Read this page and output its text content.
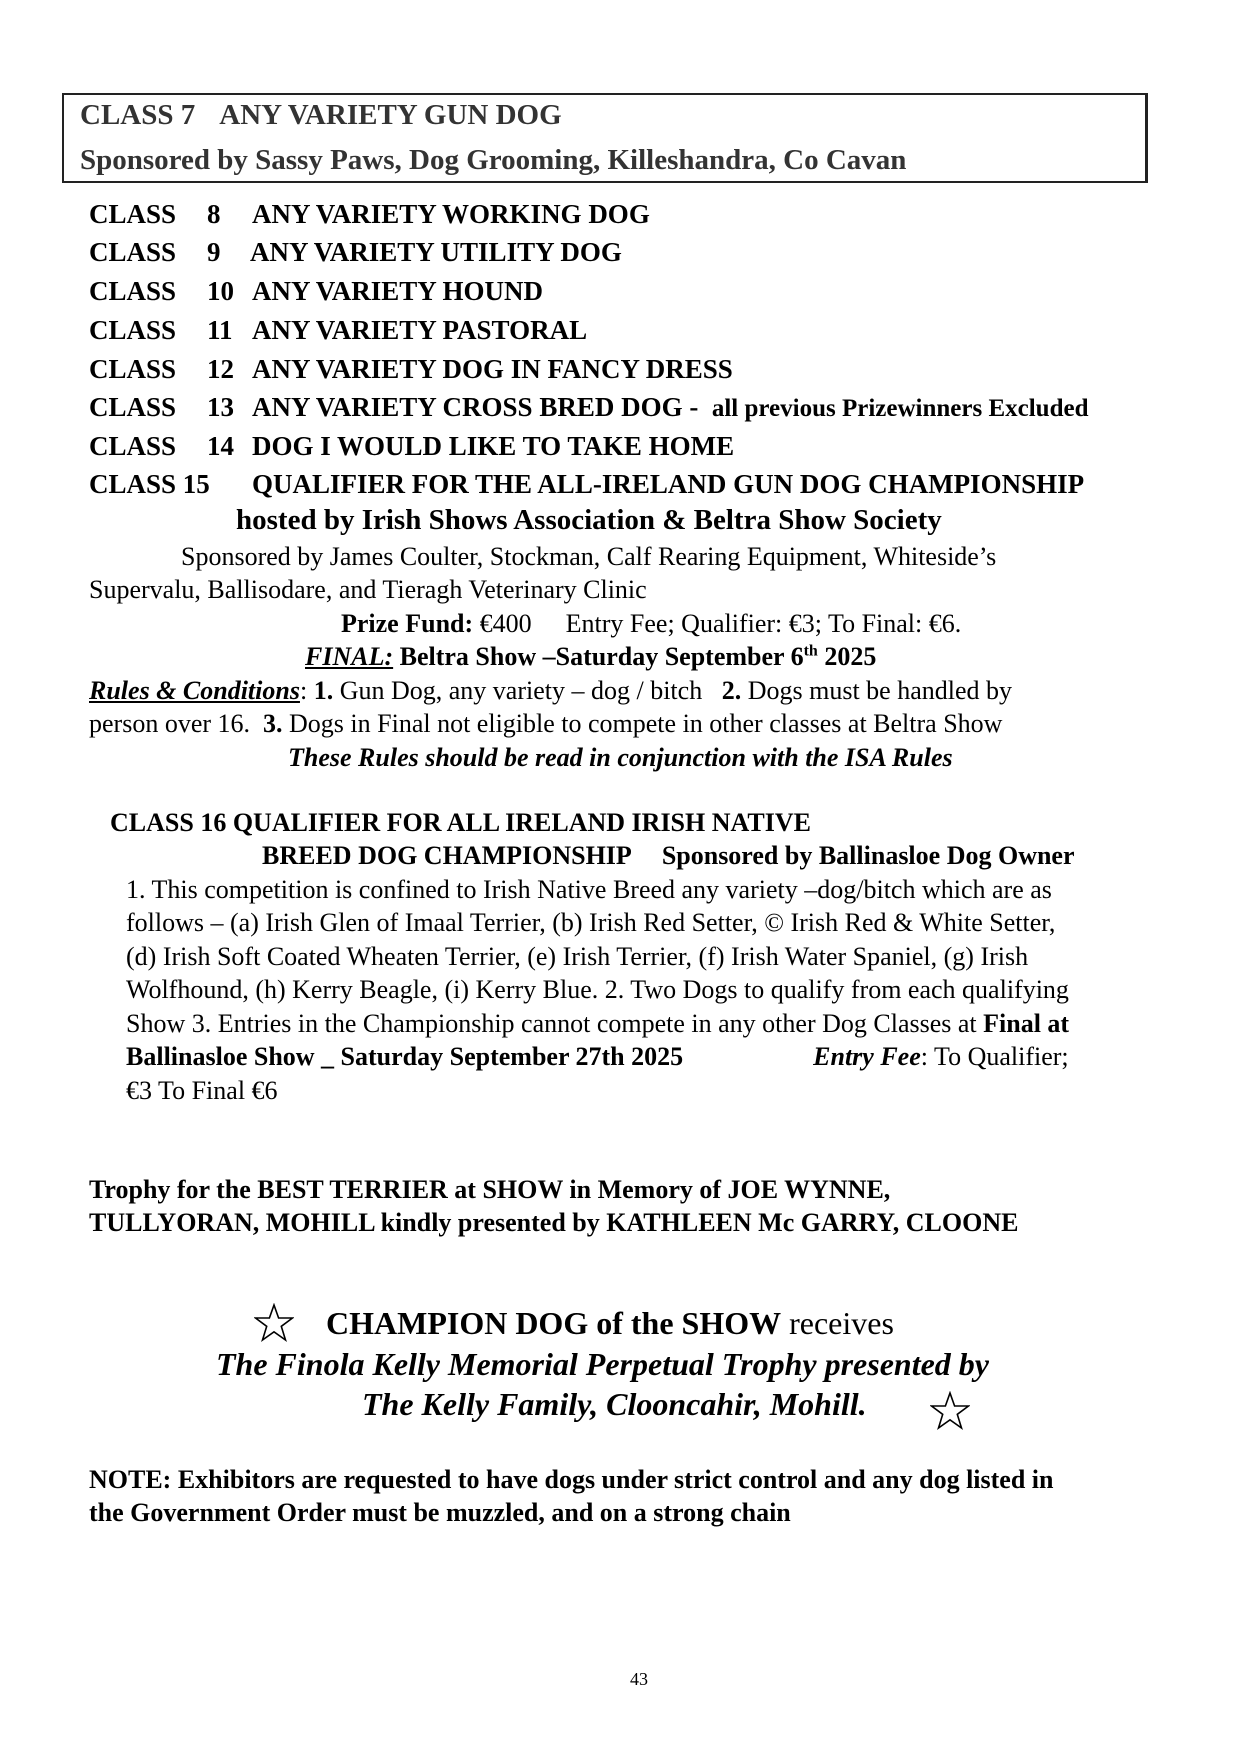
CLASS 7 ANY VARIETY GUN DOG
Sponsored by Sassy Paws, Dog Grooming, Killeshandra, Co Cavan
CLASS 8 ANY VARIETY WORKING DOG
CLASS 9 ANY VARIETY UTILITY DOG
CLASS 10 ANY VARIETY HOUND
CLASS 11 ANY VARIETY PASTORAL
CLASS 12 ANY VARIETY DOG IN FANCY DRESS
CLASS 13 ANY VARIETY CROSS BRED DOG - all previous Prizewinners Excluded
CLASS 14 DOG I WOULD LIKE TO TAKE HOME
CLASS 15 QUALIFIER FOR THE ALL-IRELAND GUN DOG CHAMPIONSHIP
hosted by Irish Shows Association & Beltra Show Society
Sponsored by James Coulter, Stockman, Calf Rearing Equipment, Whiteside’s
Supervalu, Ballisodare, and Tieragh Veterinary Clinic
Prize Fund: €400 Entry Fee; Qualifier: €3; To Final: €6.
FINAL: Beltra Show –Saturday September 6th 2025
Rules & Conditions: 1. Gun Dog, any variety – dog / bitch 2. Dogs must be handled by
person over 16. 3. Dogs in Final not eligible to compete in other classes at Beltra Show
These Rules should be read in conjunction with the ISA Rules
CLASS 16 QUALIFIER FOR ALL IRELAND IRISH NATIVE
BREED DOG CHAMPIONSHIP Sponsored by Ballinasloe Dog Owner
1. This competition is confined to Irish Native Breed any variety –dog/bitch which are as
follows – (a) Irish Glen of Imaal Terrier, (b) Irish Red Setter, © Irish Red & White Setter,
(d) Irish Soft Coated Wheaten Terrier, (e) Irish Terrier, (f) Irish Water Spaniel, (g) Irish
Wolfhound, (h) Kerry Beagle, (i) Kerry Blue. 2. Two Dogs to qualify from each qualifying
Show 3. Entries in the Championship cannot compete in any other Dog Classes at Final at
Ballinasloe Show _ Saturday September 27th 2025	Entry Fee: To Qualifier;
€3 To Final €6
Trophy for the BEST TERRIER at SHOW in Memory of JOE WYNNE,
TULLYORAN, MOHILL kindly presented by KATHLEEN Mc GARRY, CLOONE
CHAMPION DOG of the SHOW receives
The Finola Kelly Memorial Perpetual Trophy presented by
The Kelly Family, Clooncahir, Mohill.
NOTE: Exhibitors are requested to have dogs under strict control and any dog listed in
the Government Order must be muzzled, and on a strong chain
43
